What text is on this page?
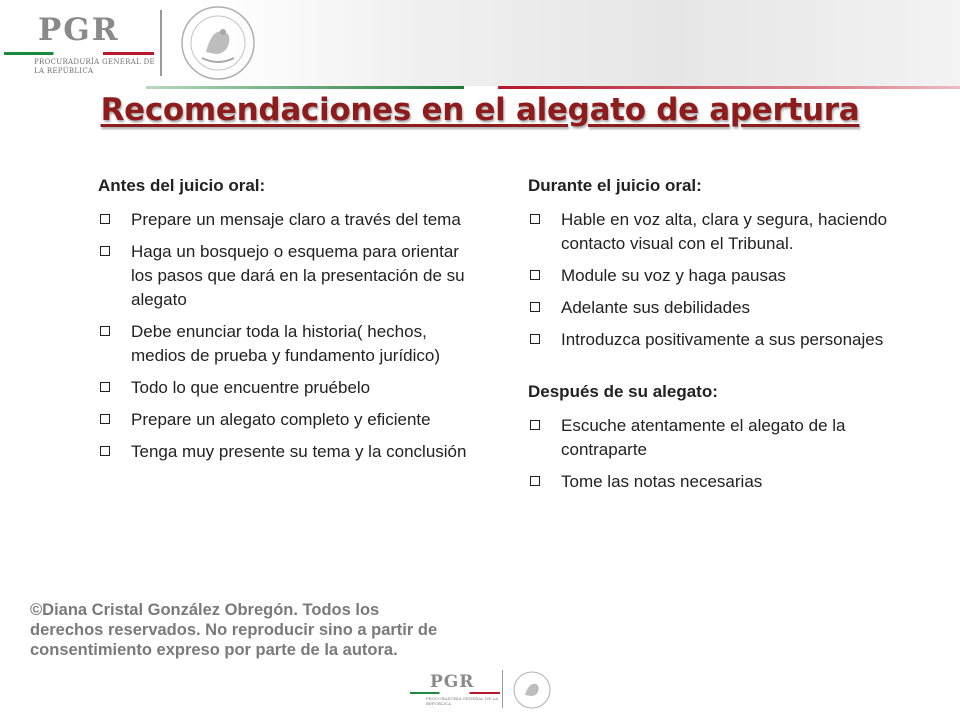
PGR
PROCURADURÍA GENERAL DE LA REPÚBLICA
Recomendaciones en el alegato de apertura
Antes del juicio oral:
Prepare un mensaje claro a través del tema
Haga un bosquejo o esquema para orientar los pasos que dará en la presentación de su alegato
Debe enunciar toda la historia( hechos, medios de prueba y fundamento jurídico)
Todo lo que encuentre pruébelo
Prepare un alegato completo y eficiente
Tenga muy presente su tema y la conclusión
Durante el juicio oral:
Hable en voz alta, clara y segura, haciendo contacto visual con el Tribunal.
Module su voz y haga pausas
Adelante sus debilidades
Introduzca positivamente a sus personajes
Después de su alegato:
Escuche atentamente el alegato de la contraparte
Tome las notas necesarias
©Diana Cristal González Obregón. Todos los derechos reservados. No reproducir sino a partir de consentimiento expreso por parte de la autora.
PGR
PROCURADURÍA GENERAL DE LA REPÚBLICA
